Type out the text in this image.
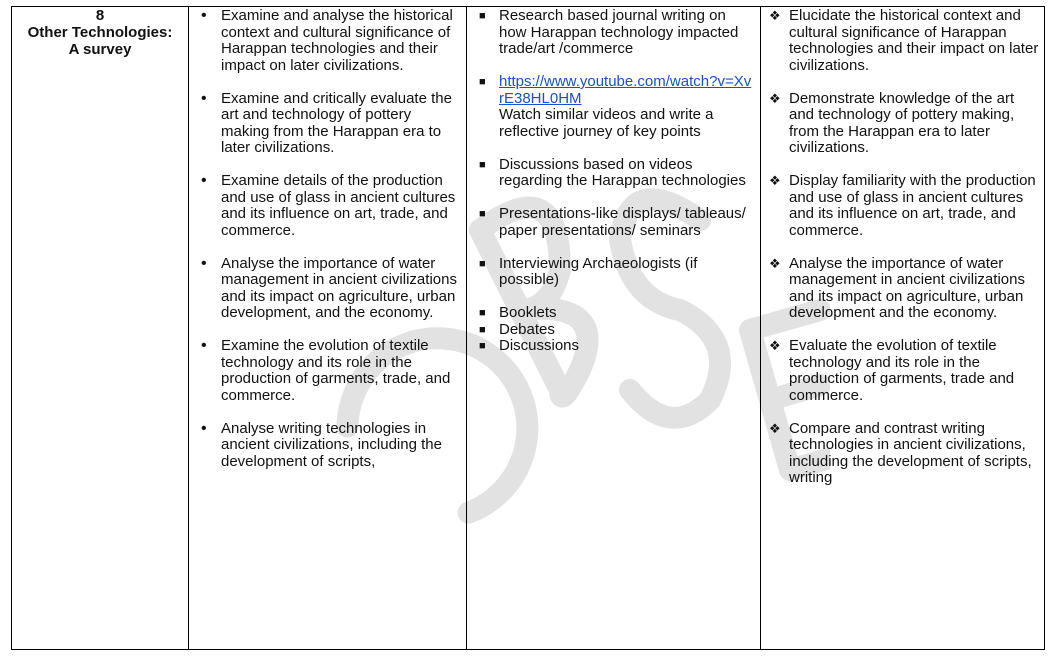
8
Other Technologies:
A survey
• Examine and analyse the historical context and cultural significance of Harappan technologies and their impact on later civilizations.
• Examine and critically evaluate the art and technology of pottery making from the Harappan era to later civilizations.
• Examine details of the production and use of glass in ancient cultures and its influence on art, trade, and commerce.
• Analyse the importance of water management in ancient civilizations and its impact on agriculture, urban development, and the economy.
• Examine the evolution of textile technology and its role in the production of garments, trade, and commerce.
• Analyse writing technologies in ancient civilizations, including the development of scripts,
■ Research based journal writing on how Harappan technology impacted trade/art /commerce
■ https://www.youtube.com/watch?v=XvrE38HL0HM
Watch similar videos and write a reflective journey of key points
■ Discussions based on videos regarding the Harappan technologies
■ Presentations-like displays/ tableaus/ paper presentations/ seminars
■ Interviewing Archaeologists (if possible)
■ Booklets
■ Debates
■ Discussions
❖ Elucidate the historical context and cultural significance of Harappan technologies and their impact on later civilizations.
❖ Demonstrate knowledge of the art and technology of pottery making, from the Harappan era to later civilizations.
❖ Display familiarity with the production and use of glass in ancient cultures and its influence on art, trade, and commerce.
❖ Analyse the importance of water management in ancient civilizations and its impact on agriculture, urban development and the economy.
❖ Evaluate the evolution of textile technology and its role in the production of garments, trade and commerce.
❖ Compare and contrast writing technologies in ancient civilizations, including the development of scripts, writing
